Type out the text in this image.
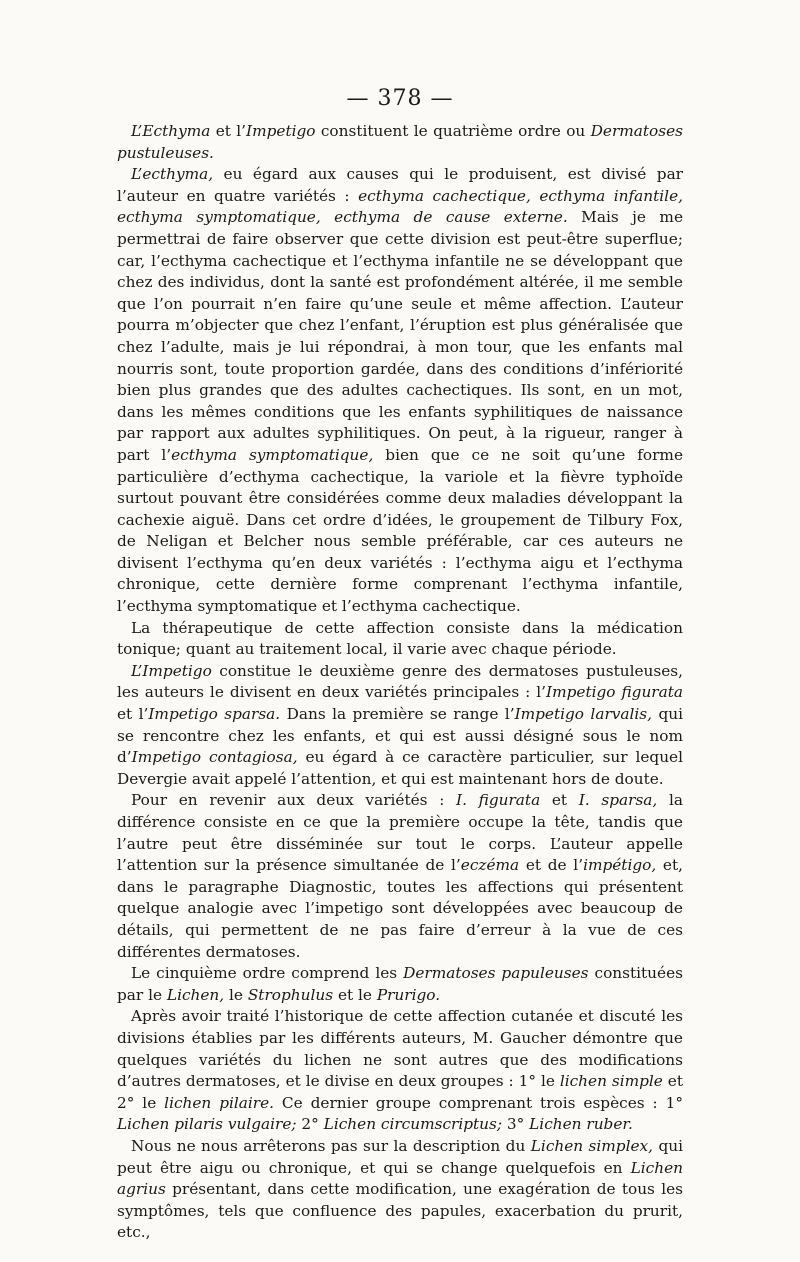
— 378 —

L’Ecthyma et l’Impetigo constituent le quatrième ordre ou Dermatoses pustuleuses.

L’ecthyma, eu égard aux causes qui le produisent, est divisé par l’auteur en quatre variétés : ecthyma cachectique, ecthyma infantile, ecthyma symptomatique, ecthyma de cause externe. Mais je me permettrai de faire observer que cette division est peut-être superflue; car, l’ecthyma cachectique et l’ecthyma infantile ne se développant que chez des individus, dont la santé est profondément altérée, il me semble que l’on pourrait n’en faire qu’une seule et même affection. L’auteur pourra m’objecter que chez l’enfant, l’éruption est plus généralisée que chez l’adulte, mais je lui répondrai, à mon tour, que les enfants mal nourris sont, toute proportion gardée, dans des conditions d’infériorité bien plus grandes que des adultes cachectiques. Ils sont, en un mot, dans les mêmes conditions que les enfants syphilitiques de naissance par rapport aux adultes syphilitiques. On peut, à la rigueur, ranger à part l’ecthyma symptomatique, bien que ce ne soit qu’une forme particulière d’ecthyma cachectique, la variole et la fièvre typhoïde surtout pouvant être considérées comme deux maladies développant la cachexie aiguë. Dans cet ordre d’idées, le groupement de Tilbury Fox, de Neligan et Belcher nous semble préférable, car ces auteurs ne divisent l’ecthyma qu’en deux variétés : l’ecthyma aigu et l’ecthyma chronique, cette dernière forme comprenant l’ecthyma infantile, l’ecthyma symptomatique et l’ecthyma cachectique.

La thérapeutique de cette affection consiste dans la médication tonique; quant au traitement local, il varie avec chaque période.

L’Impetigo constitue le deuxième genre des dermatoses pustuleuses, les auteurs le divisent en deux variétés principales : l’Impetigo figurata et l’Impetigo sparsa. Dans la première se range l’Impetigo larvalis, qui se rencontre chez les enfants, et qui est aussi désigné sous le nom d’Impetigo contagiosa, eu égard à ce caractère particulier, sur lequel Devergie avait appelé l’attention, et qui est maintenant hors de doute.

Pour en revenir aux deux variétés : I. figurata et I. sparsa, la différence consiste en ce que la première occupe la tête, tandis que l’autre peut être disséminée sur tout le corps. L’auteur appelle l’attention sur la présence simultanée de l’eczéma et de l’impétigo, et, dans le paragraphe Diagnostic, toutes les affections qui présentent quelque analogie avec l’impetigo sont développées avec beaucoup de détails, qui permettent de ne pas faire d’erreur à la vue de ces différentes dermatoses.

Le cinquième ordre comprend les Dermatoses papuleuses constituées par le Lichen, le Strophulus et le Prurigo.

Après avoir traité l’historique de cette affection cutanée et discuté les divisions établies par les différents auteurs, M. Gaucher démontre que quelques variétés du lichen ne sont autres que des modifications d’autres dermatoses, et le divise en deux groupes : 1° le lichen simple et 2° le lichen pilaire. Ce dernier groupe comprenant trois espèces : 1° Lichen pilaris vulgaire; 2° Lichen circumscriptus; 3° Lichen ruber.

Nous ne nous arrêterons pas sur la description du Lichen simplex, qui peut être aigu ou chronique, et qui se change quelquefois en Lichen agrius présentant, dans cette modification, une exagération de tous les symptômes, tels que confluence des papules, exacerbation du prurit, etc.,
